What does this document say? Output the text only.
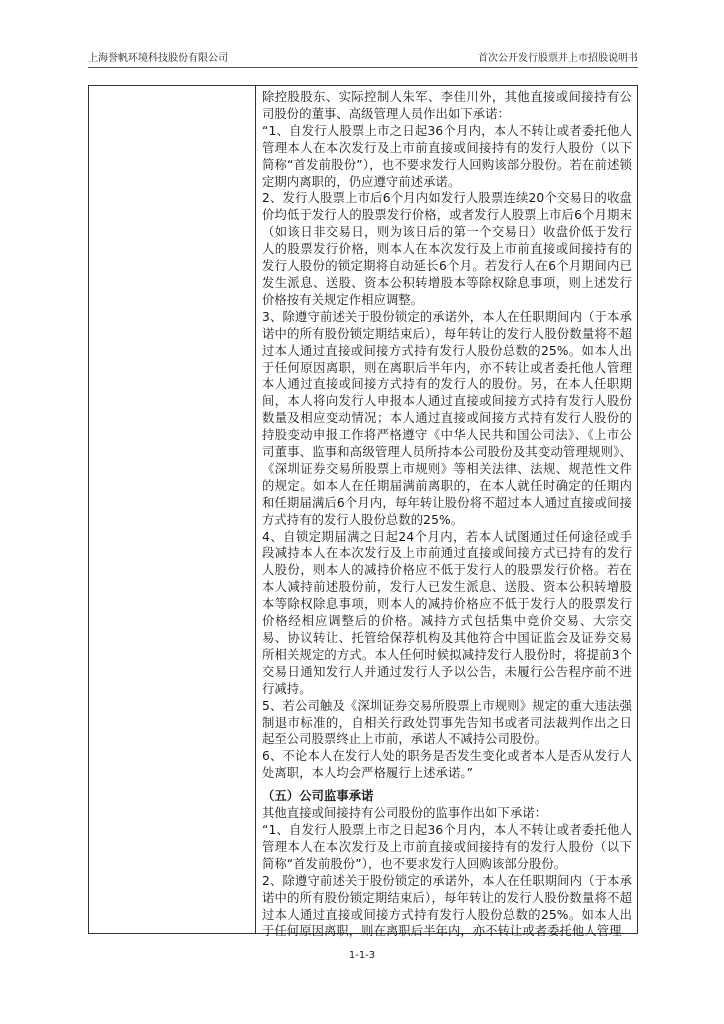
上海誉帆环境科技股份有限公司	首次公开发行股票并上市招股说明书

除控股股东、实际控制人朱军、李佳川外，其他直接或间接持有公司股份的董事、高级管理人员作出如下承诺：

“1、自发行人股票上市之日起36个月内，本人不转让或者委托他人管理本人在本次发行及上市前直接或间接持有的发行人股份（以下简称“首发前股份”），也不要求发行人回购该部分股份。若在前述锁定期内离职的，仍应遵守前述承诺。

2、发行人股票上市后6个月内如发行人股票连续20个交易日的收盘价均低于发行人的股票发行价格，或者发行人股票上市后6个月期末（如该日非交易日，则为该日后的第一个交易日）收盘价低于发行人的股票发行价格，则本人在本次发行及上市前直接或间接持有的发行人股份的锁定期将自动延长6个月。若发行人在6个月期间内已发生派息、送股、资本公积转增股本等除权除息事项，则上述发行价格按有关规定作相应调整。

3、除遵守前述关于股份锁定的承诺外，本人在任职期间内（于本承诺中的所有股份锁定期结束后），每年转让的发行人股份数量将不超过本人通过直接或间接方式持有发行人股份总数的25%。如本人出于任何原因离职，则在离职后半年内，亦不转让或者委托他人管理本人通过直接或间接方式持有的发行人的股份。另，在本人任职期间，本人将向发行人申报本人通过直接或间接方式持有发行人股份数量及相应变动情况；本人通过直接或间接方式持有发行人股份的持股变动申报工作将严格遵守《中华人民共和国公司法》、《上市公司董事、监事和高级管理人员所持本公司股份及其变动管理规则》、《深圳证券交易所股票上市规则》等相关法律、法规、规范性文件的规定。如本人在任期届满前离职的，在本人就任时确定的任期内和任期届满后6个月内，每年转让股份将不超过本人通过直接或间接方式持有的发行人股份总数的25%。

4、自锁定期届满之日起24个月内，若本人试图通过任何途径或手段减持本人在本次发行及上市前通过直接或间接方式已持有的发行人股份，则本人的减持价格应不低于发行人的股票发行价格。若在本人减持前述股份前，发行人已发生派息、送股、资本公积转增股本等除权除息事项，则本人的减持价格应不低于发行人的股票发行价格经相应调整后的价格。减持方式包括集中竞价交易、大宗交易、协议转让、托管给保荐机构及其他符合中国证监会及证券交易所相关规定的方式。本人任何时候拟减持发行人股份时，将提前3个交易日通知发行人并通过发行人予以公告，未履行公告程序前不进行减持。

5、若公司触及《深圳证券交易所股票上市规则》规定的重大违法强制退市标准的，自相关行政处罚事先告知书或者司法裁判作出之日起至公司股票终止上市前，承诺人不减持公司股份。

6、不论本人在发行人处的职务是否发生变化或者本人是否从发行人处离职，本人均会严格履行上述承诺。”

（五）公司监事承诺

其他直接或间接持有公司股份的监事作出如下承诺：

“1、自发行人股票上市之日起36个月内，本人不转让或者委托他人管理本人在本次发行及上市前直接或间接持有的发行人股份（以下简称“首发前股份”），也不要求发行人回购该部分股份。

2、除遵守前述关于股份锁定的承诺外，本人在任职期间内（于本承诺中的所有股份锁定期结束后），每年转让的发行人股份数量将不超过本人通过直接或间接方式持有发行人股份总数的25%。如本人出于任何原因离职，则在离职后半年内，亦不转让或者委托他人管理

1-1-3
